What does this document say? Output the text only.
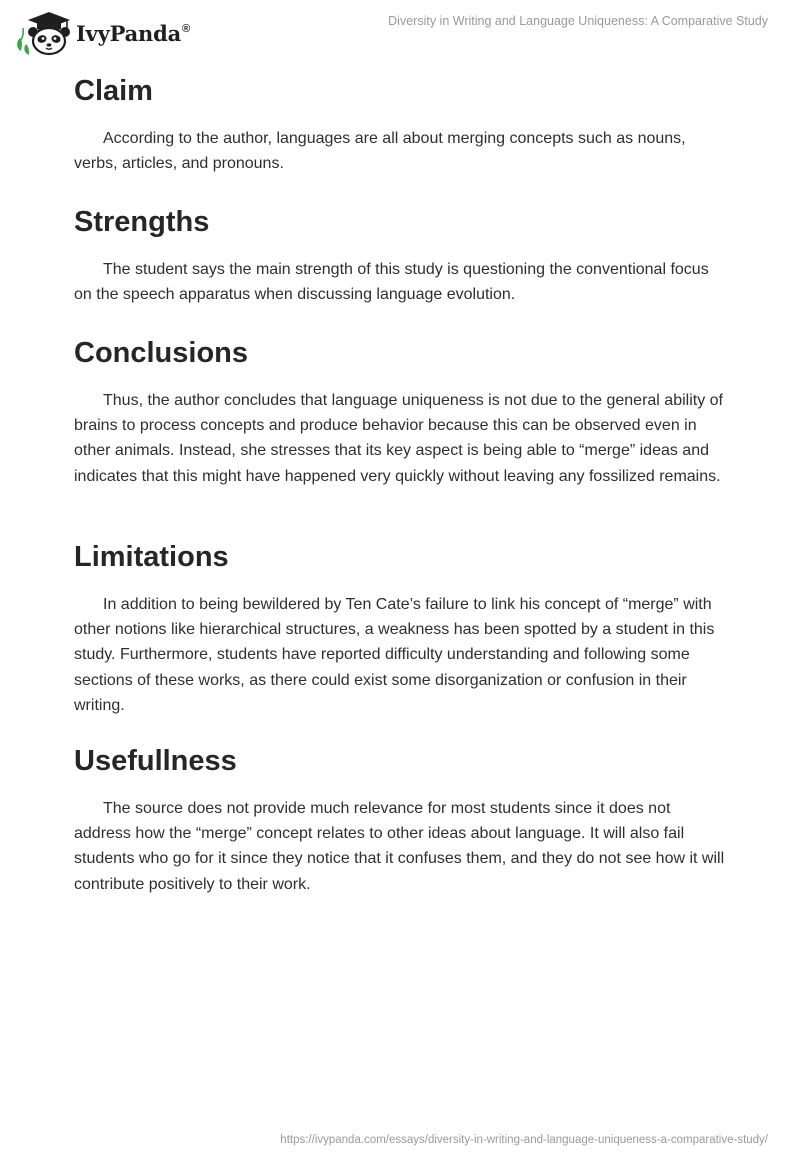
IvyPanda®
Diversity in Writing and Language Uniqueness: A Comparative Study
Claim

According to the author, languages are all about merging concepts such as nouns, verbs, articles, and pronouns.

Strengths

The student says the main strength of this study is questioning the conventional focus on the speech apparatus when discussing language evolution.

Conclusions

Thus, the author concludes that language uniqueness is not due to the general ability of brains to process concepts and produce behavior because this can be observed even in other animals. Instead, she stresses that its key aspect is being able to “merge” ideas and indicates that this might have happened very quickly without leaving any fossilized remains.

Limitations

In addition to being bewildered by Ten Cate’s failure to link his concept of “merge” with other notions like hierarchical structures, a weakness has been spotted by a student in this study. Furthermore, students have reported difficulty understanding and following some sections of these works, as there could exist some disorganization or confusion in their writing.

Usefullness

The source does not provide much relevance for most students since it does not address how the “merge” concept relates to other ideas about language. It will also fail students who go for it since they notice that it confuses them, and they do not see how it will contribute positively to their work.

https://ivypanda.com/essays/diversity-in-writing-and-language-uniqueness-a-comparative-study/
